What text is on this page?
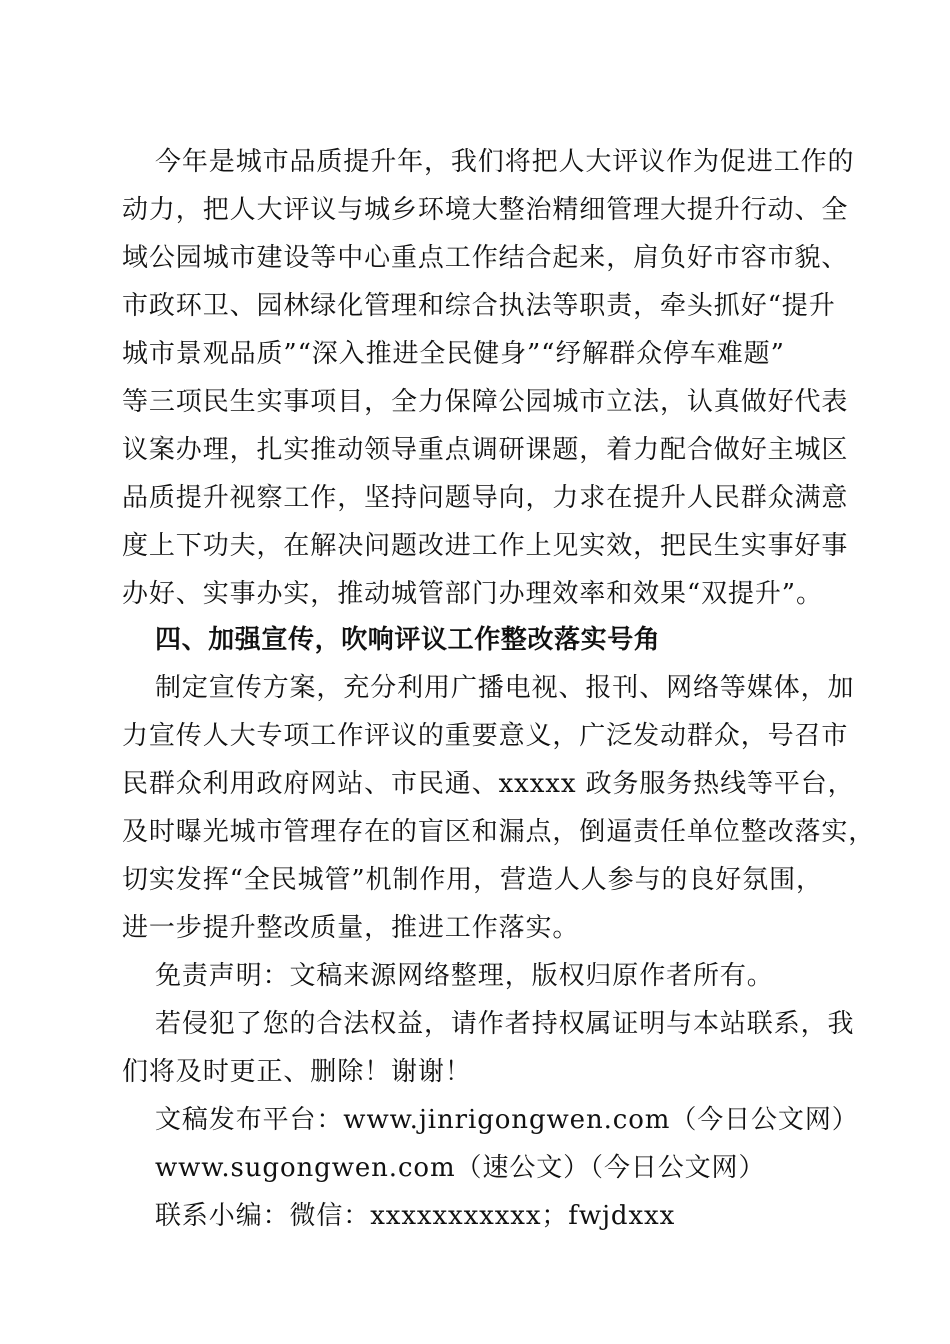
今年是城市品质提升年，我们将把人大评议作为促进工作的
动力，把人大评议与城乡环境大整治精细管理大提升行动、全
域公园城市建设等中心重点工作结合起来，肩负好市容市貌、
市政环卫、园林绿化管理和综合执法等职责，牵头抓好“提升
城市景观品质”“深入推进全民健身”“纾解群众停车难题”
等三项民生实事项目，全力保障公园城市立法，认真做好代表
议案办理，扎实推动领导重点调研课题，着力配合做好主城区
品质提升视察工作，坚持问题导向，力求在提升人民群众满意
度上下功夫，在解决问题改进工作上见实效，把民生实事好事
办好、实事办实，推动城管部门办理效率和效果“双提升”。
四、加强宣传，吹响评议工作整改落实号角
制定宣传方案，充分利用广播电视、报刊、网络等媒体，加
力宣传人大专项工作评议的重要意义，广泛发动群众，号召市
民群众利用政府网站、市民通、xxxxx 政务服务热线等平台，
及时曝光城市管理存在的盲区和漏点，倒逼责任单位整改落实，
切实发挥“全民城管”机制作用，营造人人参与的良好氛围，
进一步提升整改质量，推进工作落实。
免责声明：文稿来源网络整理，版权归原作者所有。
若侵犯了您的合法权益，请作者持权属证明与本站联系，我
们将及时更正、删除！谢谢！
文稿发布平台：www.jinrigongwen.com（今日公文网）
www.sugongwen.com（速公文）（今日公文网）
联系小编：微信：xxxxxxxxxxx；fwjdxxx
